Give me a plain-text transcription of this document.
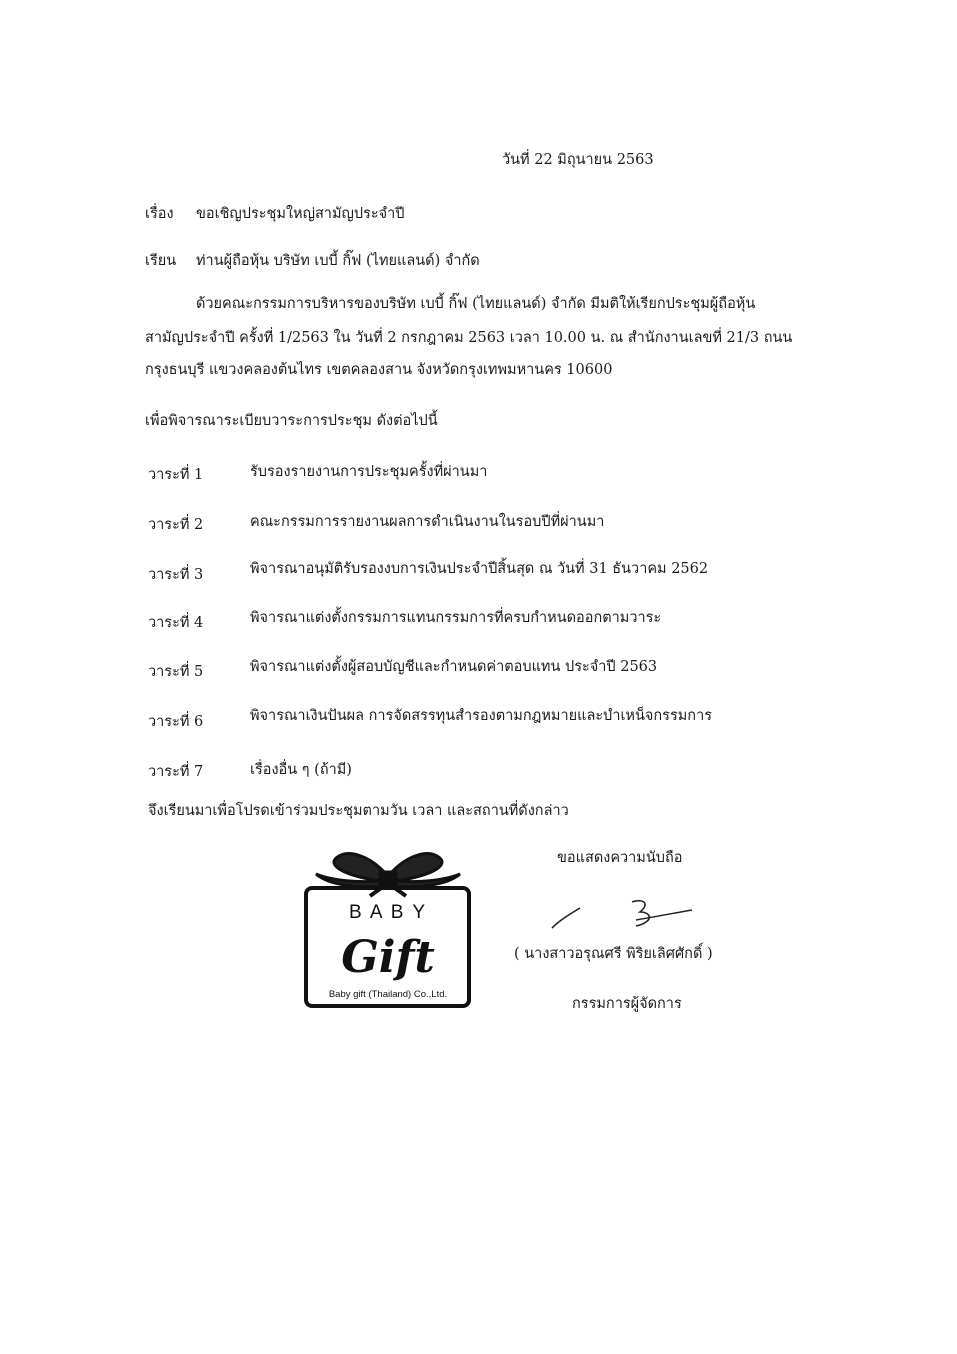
วันที่ 22 มิถุนายน 2563
เรื่อง ขอเชิญประชุมใหญ่สามัญประจำปี
เรียน ท่านผู้ถือหุ้น บริษัท เบบี้ กิ๊ฟ (ไทยแลนด์) จำกัด
ด้วยคณะกรรมการบริหารของบริษัท เบบี้ กิ๊ฟ (ไทยแลนด์) จำกัด มีมติให้เรียกประชุมผู้ถือหุ้น
สามัญประจำปี ครั้งที่ 1/2563 ใน วันที่ 2 กรกฎาคม 2563 เวลา 10.00 น. ณ สำนักงานเลขที่ 21/3 ถนน
กรุงธนบุรี แขวงคลองต้นไทร เขตคลองสาน จังหวัดกรุงเทพมหานคร 10600
เพื่อพิจารณาระเบียบวาระการประชุม ดังต่อไปนี้
วาระที่ 1	รับรองรายงานการประชุมครั้งที่ผ่านมา
วาระที่ 2	คณะกรรมการรายงานผลการดำเนินงานในรอบปีที่ผ่านมา
วาระที่ 3	พิจารณาอนุมัติรับรองงบการเงินประจำปีสิ้นสุด ณ วันที่ 31 ธันวาคม 2562
วาระที่ 4	พิจารณาแต่งตั้งกรรมการแทนกรรมการที่ครบกำหนดออกตามวาระ
วาระที่ 5	พิจารณาแต่งตั้งผู้สอบบัญชีและกำหนดค่าตอบแทน ประจำปี 2563
วาระที่ 6	พิจารณาเงินปันผล การจัดสรรทุนสำรองตามกฎหมายและบำเหน็จกรรมการ
วาระที่ 7	เรื่องอื่น ๆ (ถ้ามี)
จึงเรียนมาเพื่อโปรดเข้าร่วมประชุมตามวัน เวลา และสถานที่ดังกล่าว
B A B Y
Gift
Baby gift (Thailand) Co.,Ltd.
ขอแสดงความนับถือ
( นางสาวอรุณศรี พิริยเลิศศักดิ์ )
กรรมการผู้จัดการ
